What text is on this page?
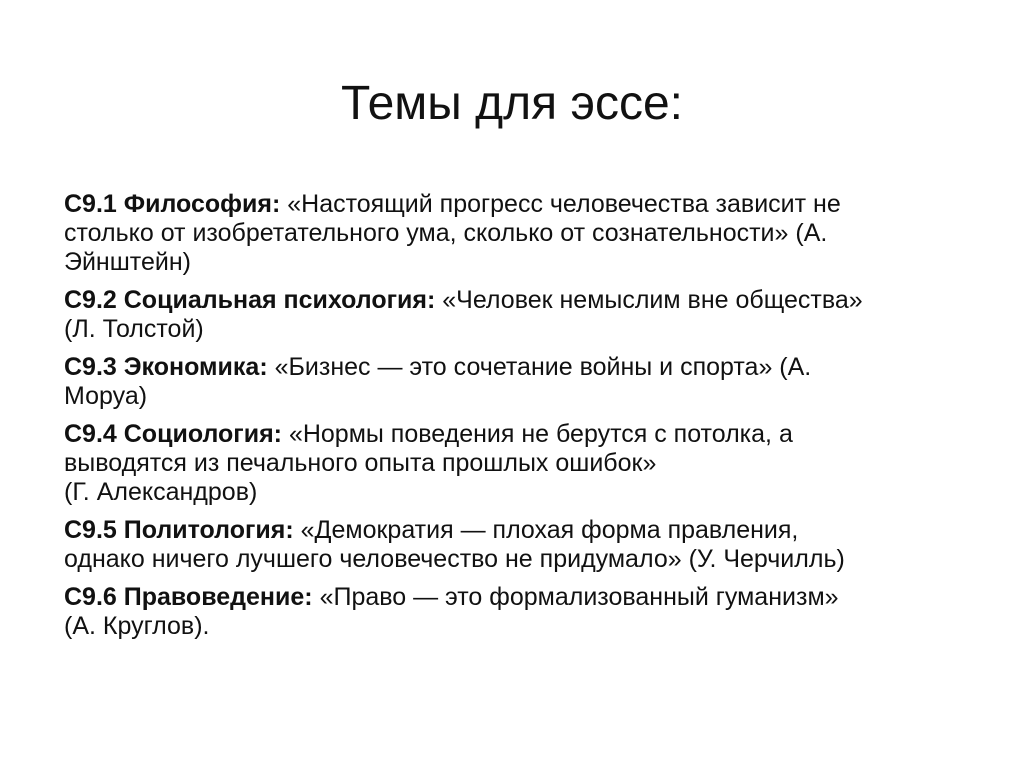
Темы для эссе:
С9.1 Философия: «Настоящий прогресс человечества зависит нестолько от изобретательного ума, сколько от сознательности» (А.Эйнштейн)
С9.2 Социальная психология: «Человек немыслим вне общества»(Л. Толстой)
С9.3 Экономика: «Бизнес — это сочетание войны и спорта» (А.Моруа)
С9.4 Социология: «Нормы поведения не берутся с потолка, авыводятся из печального опыта прошлых ошибок»(Г. Александров)
С9.5 Политология: «Демократия — плохая форма правления,однако ничего лучшего человечество не придумало» (У. Черчилль)
С9.6 Правоведение: «Право — это формализованный гуманизм»(А. Круглов).
